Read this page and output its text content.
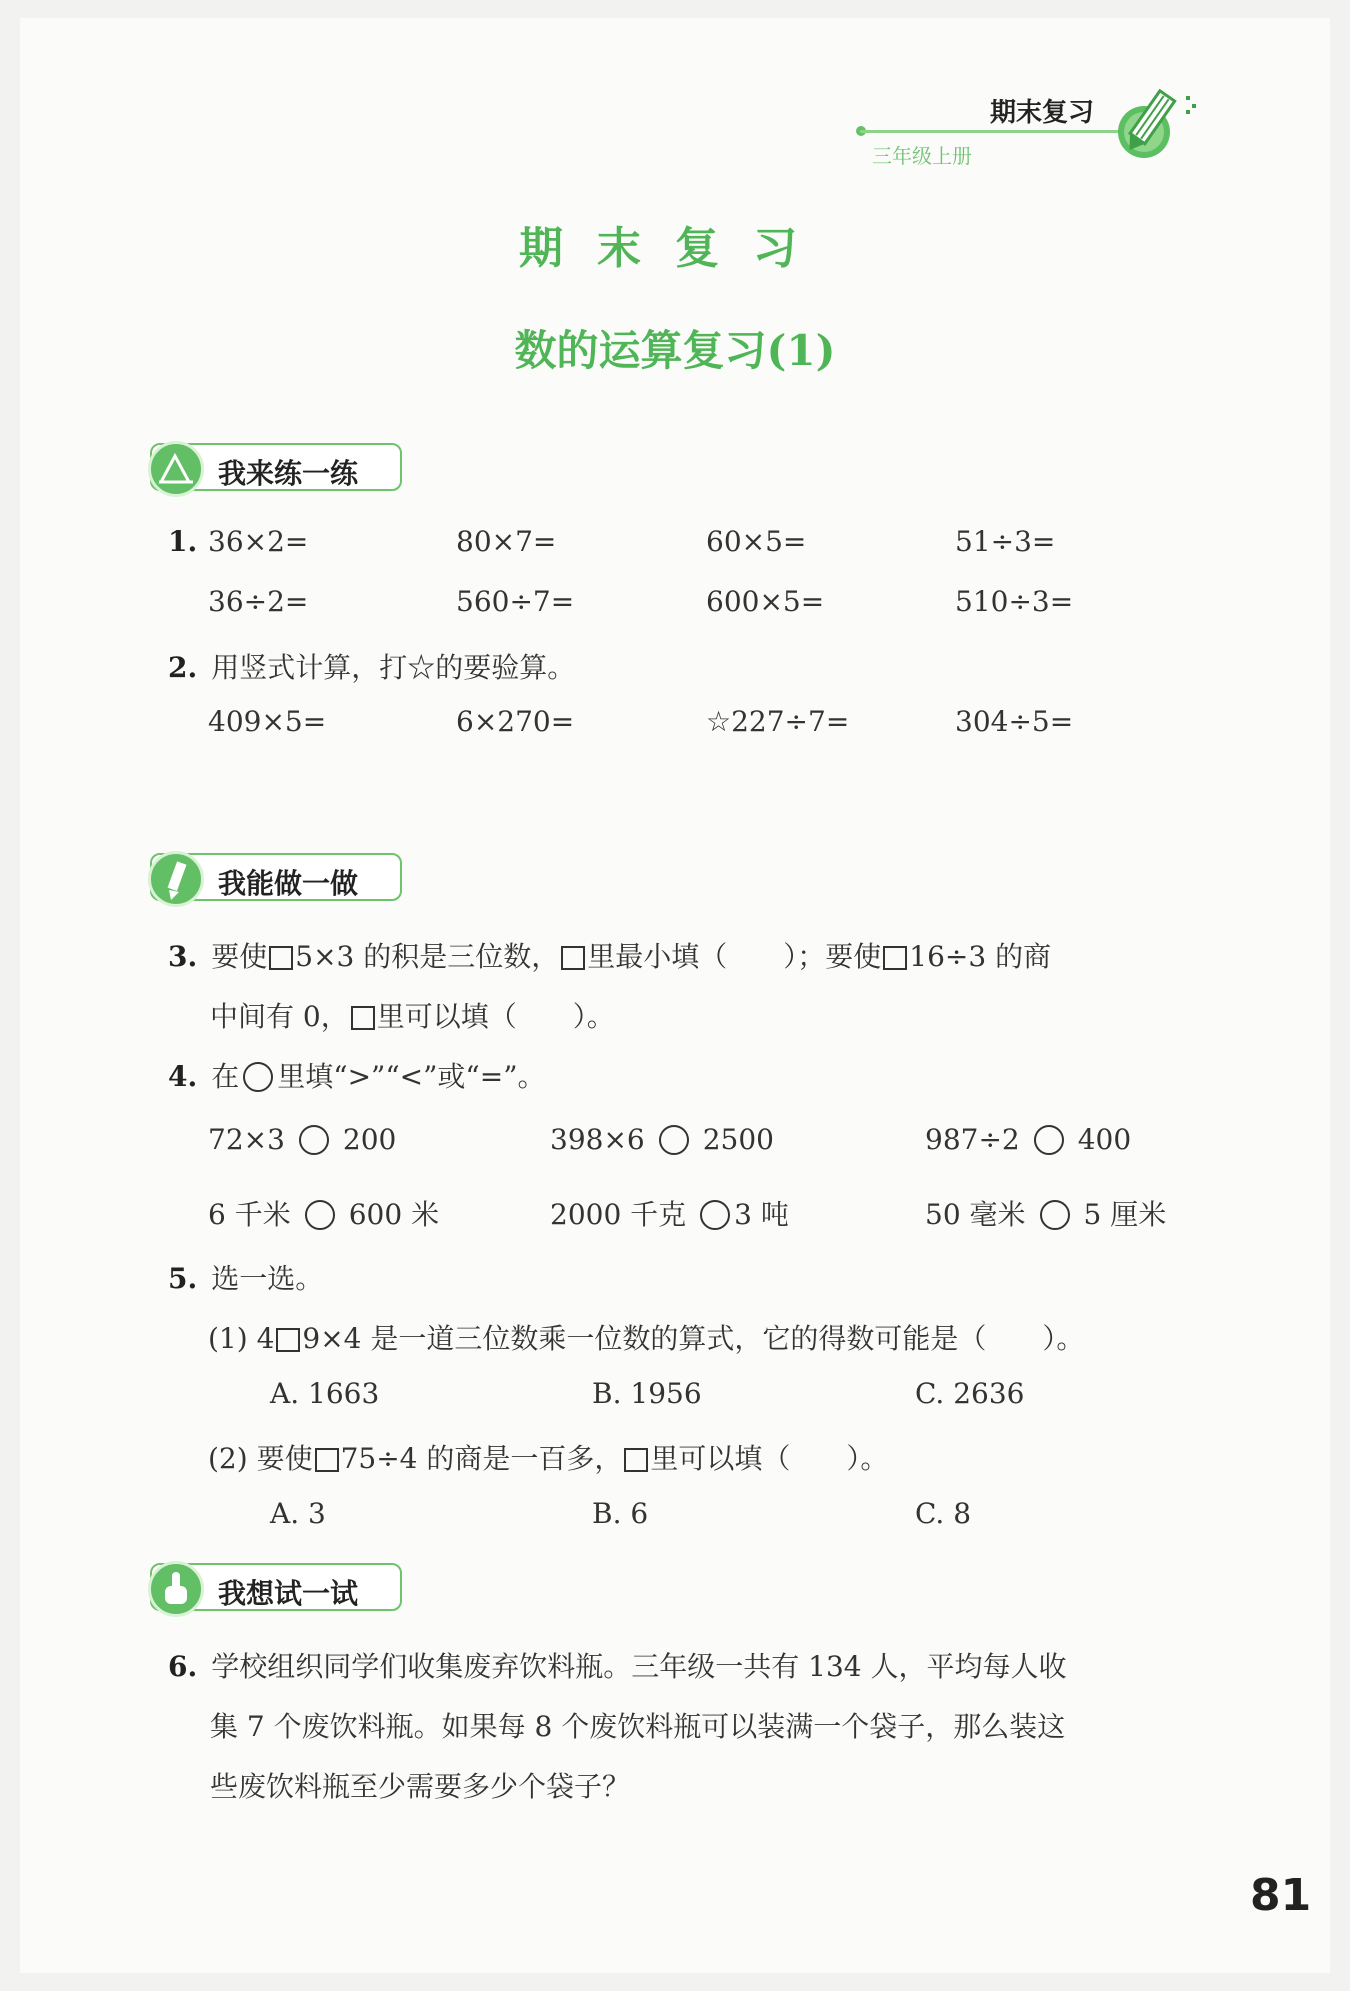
期末复习
三年级上册
期末复习
数的运算复习(1)
我来练一练
1. 36×2=	80×7=	60×5=	51÷3=
36÷2=	560÷7=	600×5=	510÷3=
2. 用竖式计算，打☆的要验算。
409×5=	6×270=	☆227÷7=	304÷5=
我能做一做
3. 要使 5×3 的积是三位数， 里最小填（　　）；要使 16÷3 的商
中间有 0， 里可以填（　　）。
4. 在 里填“>”“<”或“=”。
72×3 200	398×6 2500	987÷2 400
6 千米 600 米	2000 千克 3 吨	50 毫米 5 厘米
5. 选一选。
(1) 4 9×4 是一道三位数乘一位数的算式，它的得数可能是（　　）。
A. 1663	B. 1956	C. 2636
(2) 要使 75÷4 的商是一百多， 里可以填（　　）。
A. 3	B. 6	C. 8
我想试一试
6. 学校组织同学们收集废弃饮料瓶。三年级一共有 134 人，平均每人收
集 7 个废饮料瓶。如果每 8 个废饮料瓶可以装满一个袋子，那么装这
些废饮料瓶至少需要多少个袋子？
81
